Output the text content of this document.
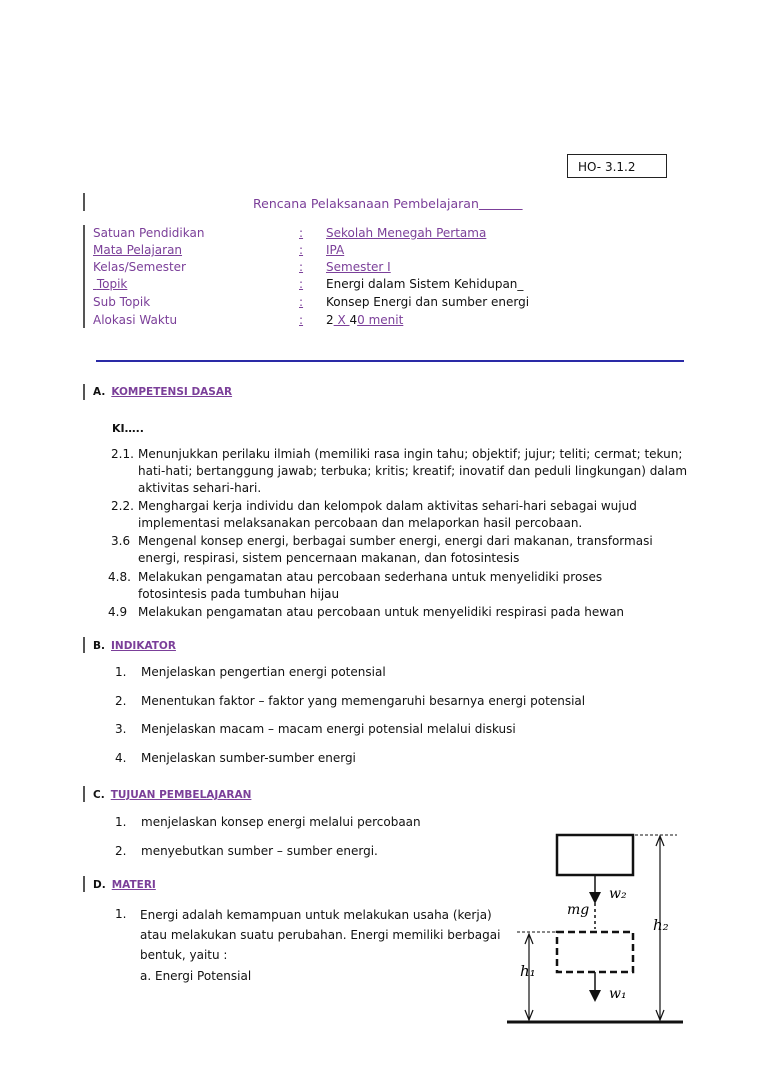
HO- 3.1.2
Rencana Pelaksanaan Pembelajaran
Satuan Pendidikan	: Sekolah Menegah Pertama
Mata Pelajaran	: IPA
Kelas/Semester	: Semester I
Topik	: Energi dalam Sistem Kehidupan_
Sub Topik	: Konsep Energi dan sumber energi
Alokasi Waktu	: 2 X 40 menit
A. KOMPETENSI DASAR
KI…..
2.1. Menunjukkan perilaku ilmiah (memiliki rasa ingin tahu; objektif; jujur; teliti; cermat; tekun; hati-hati; bertanggung jawab; terbuka; kritis; kreatif; inovatif dan peduli lingkungan) dalam aktivitas sehari-hari.
2.2. Menghargai kerja individu dan kelompok dalam aktivitas sehari-hari sebagai wujud implementasi melaksanakan percobaan dan melaporkan hasil percobaan.
3.6 Mengenal konsep energi, berbagai sumber energi, energi dari makanan, transformasi energi, respirasi, sistem pencernaan makanan, dan fotosintesis
4.8. Melakukan pengamatan atau percobaan sederhana untuk menyelidiki proses fotosintesis pada tumbuhan hijau
4.9 Melakukan pengamatan atau percobaan untuk menyelidiki respirasi pada hewan
B. INDIKATOR
1. Menjelaskan pengertian energi potensial
2. Menentukan faktor – faktor yang memengaruhi besarnya energi potensial
3. Menjelaskan macam – macam energi potensial melalui diskusi
4. Menjelaskan sumber-sumber energi
C. TUJUAN PEMBELAJARAN
1. menjelaskan konsep energi melalui percobaan
2. menyebutkan sumber – sumber energi.
D. MATERI
1. Energi adalah kemampuan untuk melakukan usaha (kerja)
atau melakukan suatu perubahan. Energi memiliki berbagai
bentuk, yaitu :
a. Energi Potensial
w₂
mg
h₂
h₁
w₁
